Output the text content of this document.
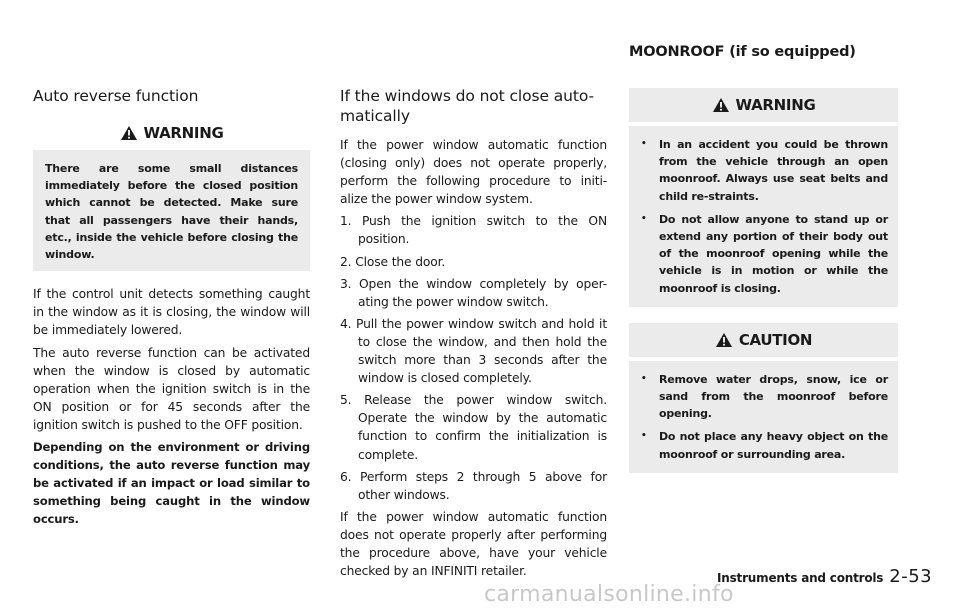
MOONROOF (if so equipped)
Auto reverse function
WARNING

There are some small distances immediately before the closed position which cannot be detected. Make sure that all passengers have their hands, etc., inside the vehicle before closing the window.

If the control unit detects something caught in the window as it is closing, the window will be immediately lowered.

The auto reverse function can be activated when the window is closed by automatic operation when the ignition switch is in the ON position or for 45 seconds after the ignition switch is pushed to the OFF position.

Depending on the environment or driving conditions, the auto reverse function may be activated if an impact or load similar to something being caught in the window occurs.

If the windows do not close auto-matically

If the power window automatic function (closing only) does not operate properly, perform the following procedure to initi-alize the power window system.

1. Push the ignition switch to the ON position.
2. Close the door.
3. Open the window completely by oper-ating the power window switch.
4. Pull the power window switch and hold it to close the window, and then hold the switch more than 3 seconds after the window is closed completely.
5. Release the power window switch. Operate the window by the automatic function to confirm the initialization is complete.
6. Perform steps 2 through 5 above for other windows.

If the power window automatic function does not operate properly after performing the procedure above, have your vehicle checked by an INFINITI retailer.

WARNING
• In an accident you could be thrown from the vehicle through an open moonroof. Always use seat belts and child re-straints.
• Do not allow anyone to stand up or extend any portion of their body out of the moonroof opening while the vehicle is in motion or while the moonroof is closing.
CAUTION
• Remove water drops, snow, ice or sand from the moonroof before opening.
• Do not place any heavy object on the moonroof or surrounding area.
Instruments and controls 2-53
carmanualsonline.info
